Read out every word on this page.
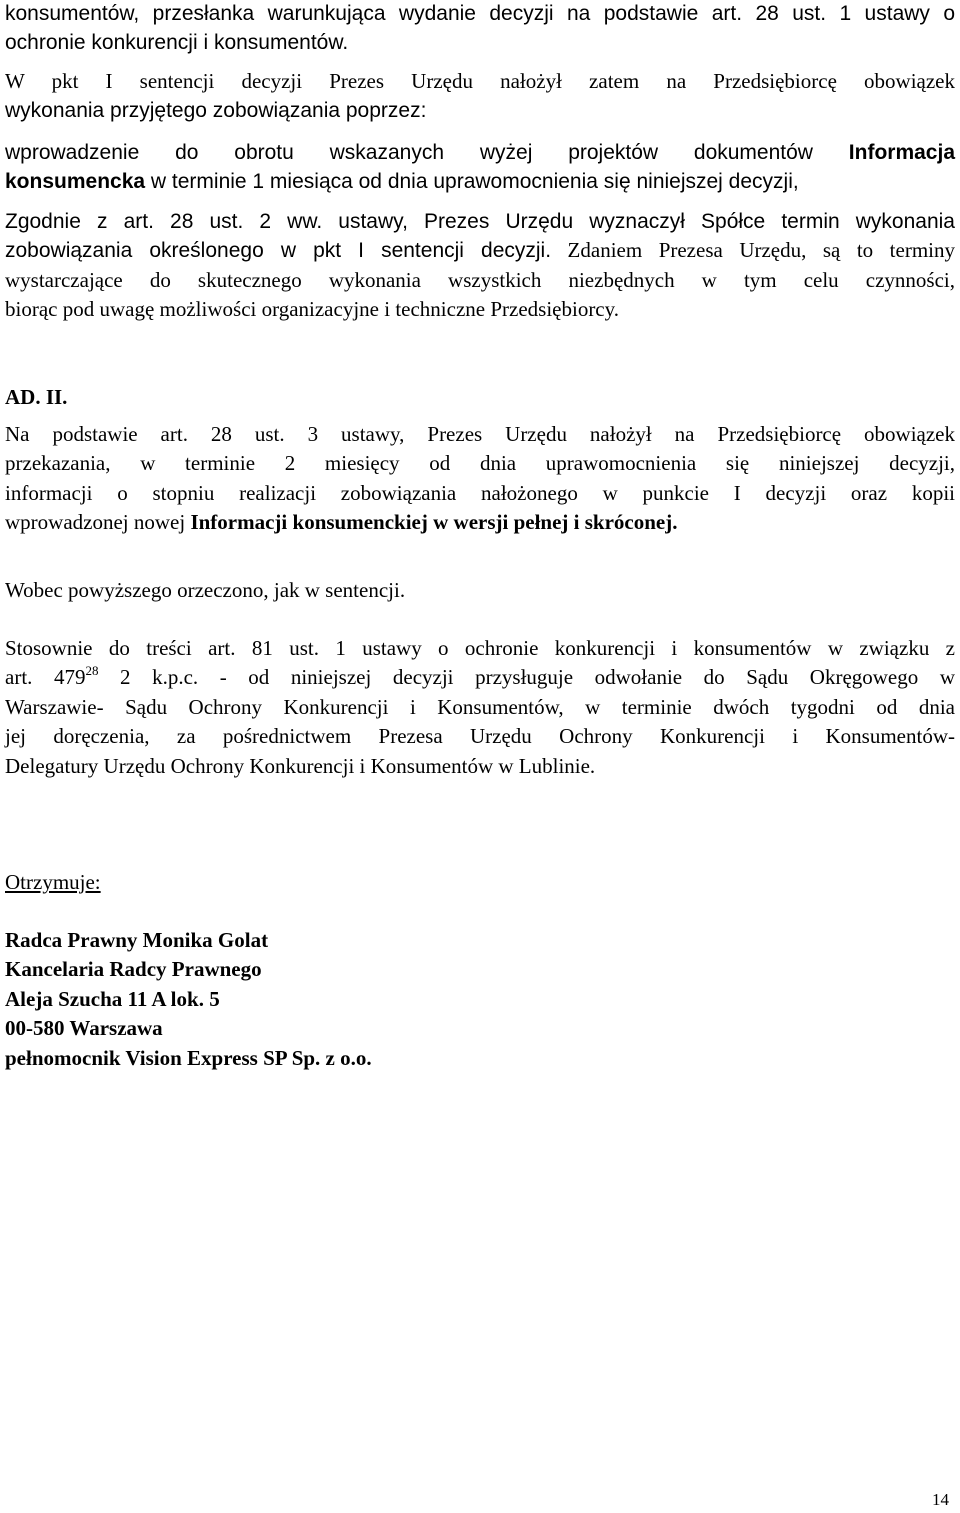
konsumentów, przesłanka warunkująca wydanie decyzji na podstawie art. 28 ust. 1 ustawy o
ochronie konkurencji i konsumentów.
W pkt I sentencji decyzji Prezes Urzędu nałożył zatem na Przedsiębiorcę obowiązek
wykonania przyjętego zobowiązania poprzez:
wprowadzenie do obrotu wskazanych wyżej projektów dokumentów Informacja
konsumencka w terminie 1 miesiąca od dnia uprawomocnienia się niniejszej decyzji,
Zgodnie z art. 28 ust. 2 ww. ustawy, Prezes Urzędu wyznaczył Spółce termin wykonania
zobowiązania określonego w pkt I sentencji decyzji. Zdaniem Prezesa Urzędu, są to terminy
wystarczające do skutecznego wykonania wszystkich niezbędnych w tym celu czynności,
biorąc pod uwagę możliwości organizacyjne i techniczne Przedsiębiorcy.
AD. II.
Na podstawie art. 28 ust. 3 ustawy, Prezes Urzędu nałożył na Przedsiębiorcę obowiązek
przekazania, w terminie 2 miesięcy od dnia uprawomocnienia się niniejszej decyzji,
informacji o stopniu realizacji zobowiązania nałożonego w punkcie I decyzji oraz kopii
wprowadzonej nowej Informacji konsumenckiej w wersji pełnej i skróconej.
Wobec powyższego orzeczono, jak w sentencji.
Stosownie do treści art. 81 ust. 1 ustawy o ochronie konkurencji i konsumentów w związku z
art. $479^{28}$ 2 k.p.c. - od niniejszej decyzji przysługuje odwołanie do Sądu Okręgowego w
Warszawie- Sądu Ochrony Konkurencji i Konsumentów, w terminie dwóch tygodni od dnia
jej doręczenia, za pośrednictwem Prezesa Urzędu Ochrony Konkurencji i Konsumentów-
Delegatury Urzędu Ochrony Konkurencji i Konsumentów w Lublinie.
Otrzymuje:
Radca Prawny Monika Golat
Kancelaria Radcy Prawnego
Aleja Szucha 11 A lok. 5
00-580 Warszawa
pełnomocnik Vision Express SP Sp. z o.o.
14
